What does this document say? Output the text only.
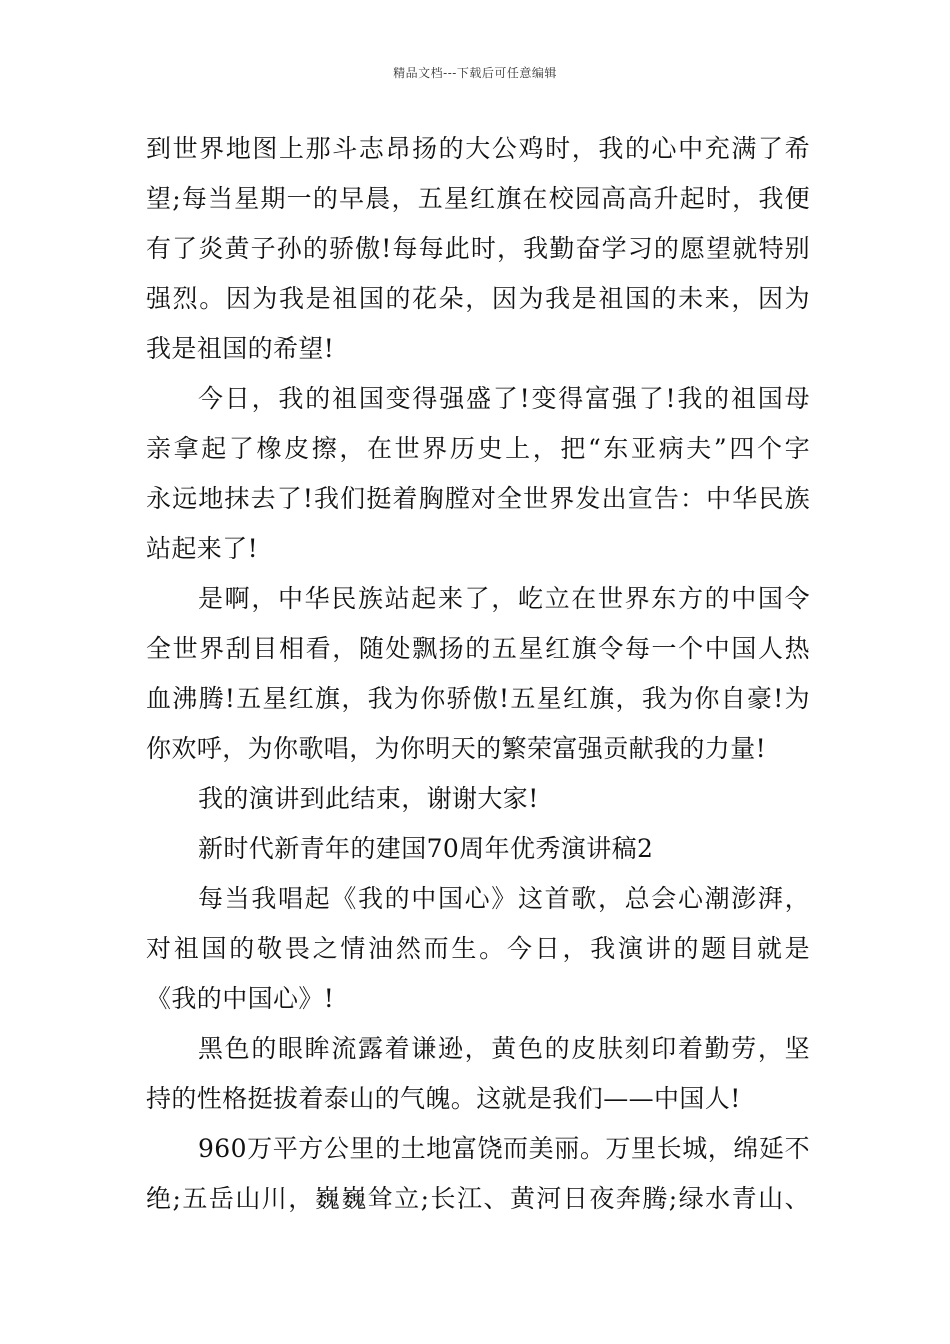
精品文档---下载后可任意编辑
到世界地图上那斗志昂扬的大公鸡时，我的心中充满了希
望;每当星期一的早晨，五星红旗在校园高高升起时，我便
有了炎黄子孙的骄傲!每每此时，我勤奋学习的愿望就特别
强烈。因为我是祖国的花朵，因为我是祖国的未来，因为
我是祖国的希望!
今日，我的祖国变得强盛了!变得富强了!我的祖国母
亲拿起了橡皮擦，在世界历史上，把“东亚病夫”四个字
永远地抹去了!我们挺着胸膛对全世界发出宣告：中华民族
站起来了!
是啊，中华民族站起来了，屹立在世界东方的中国令
全世界刮目相看，随处飘扬的五星红旗令每一个中国人热
血沸腾!五星红旗，我为你骄傲!五星红旗，我为你自豪!为
你欢呼，为你歌唱，为你明天的繁荣富强贡献我的力量!
我的演讲到此结束，谢谢大家!
新时代新青年的建国70周年优秀演讲稿2
每当我唱起《我的中国心》这首歌，总会心潮澎湃，
对祖国的敬畏之情油然而生。今日，我演讲的题目就是
《我的中国心》!
黑色的眼眸流露着谦逊，黄色的皮肤刻印着勤劳，坚
持的性格挺拔着泰山的气魄。这就是我们——中国人!
960万平方公里的土地富饶而美丽。万里长城，绵延不
绝;五岳山川，巍巍耸立;长江、黄河日夜奔腾;绿水青山、
